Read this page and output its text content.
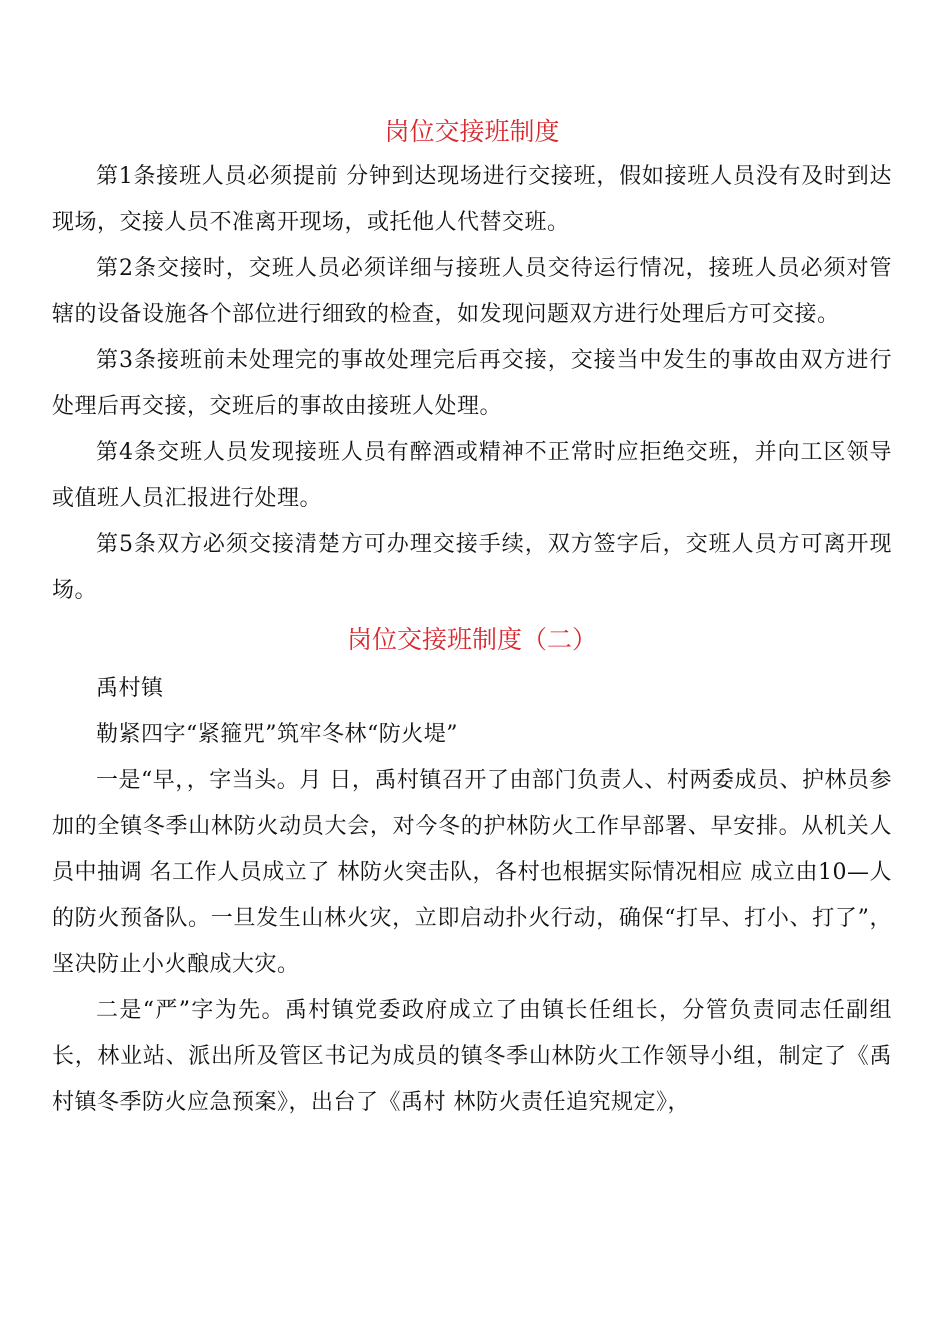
岗位交接班制度

第1条接班人员必须提前 分钟到达现场进行交接班，假如接班人员没有及时到达现场，交接人员不准离开现场，或托他人代替交班。

第2条交接时，交班人员必须详细与接班人员交待运行情况，接班人员必须对管辖的设备设施各个部位进行细致的检查，如发现问题双方进行处理后方可交接。

第3条接班前未处理完的事故处理完后再交接，交接当中发生的事故由双方进行处理后再交接，交班后的事故由接班人处理。

第4条交班人员发现接班人员有醉酒或精神不正常时应拒绝交班，并向工区领导或值班人员汇报进行处理。

第5条双方必须交接清楚方可办理交接手续，双方签字后，交班人员方可离开现场。

岗位交接班制度（二）

禹村镇

勒紧四字“紧箍咒”筑牢冬林“防火堤”

一是“早，，字当头。月 日，禹村镇召开了由部门负责人、村两委成员、护林员参加的全镇冬季山林防火动员大会，对今冬的护林防火工作早部署、早安排。从机关人员中抽调 名工作人员成立了 林防火突击队，各村也根据实际情况相应 成立由10—人的防火预备队。一旦发生山林火灾，立即启动扑火行动，确保“打早、打小、打了”，坚决防止小火酿成大灾。

二是“严”字为先。禹村镇党委政府成立了由镇长任组长，分管负责同志任副组长，林业站、派出所及管区书记为成员的镇冬季山林防火工作领导小组，制定了《禹村镇冬季防火应急预案》，出台了《禹村 林防火责任追究规定》，
